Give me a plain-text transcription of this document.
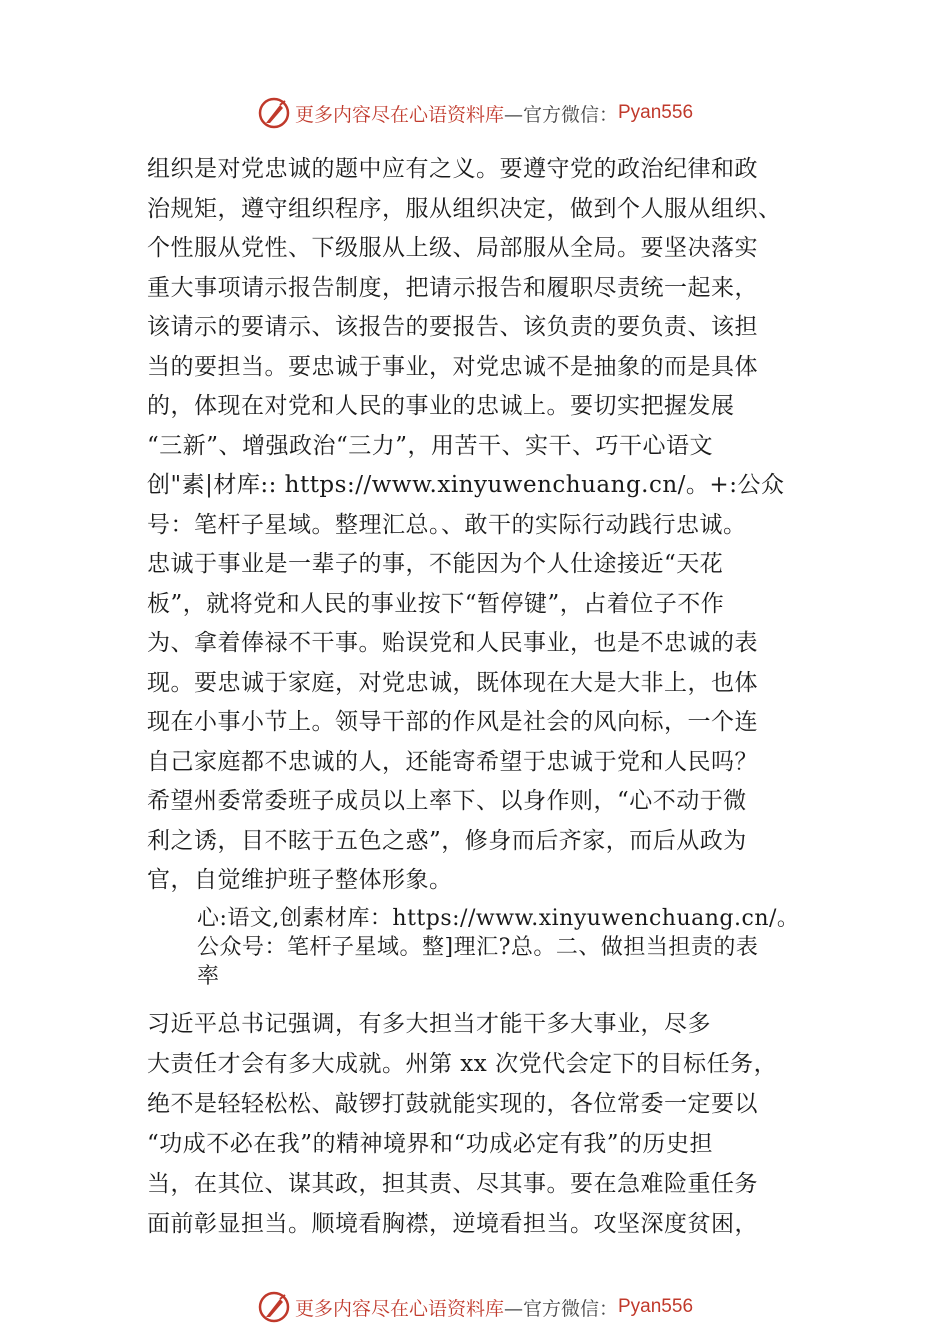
更多内容尽在心语资料库 —官方微信： Pyan556
组织是对党忠诚的题中应有之义。要遵守党的政治纪律和政
治规矩，遵守组织程序，服从组织决定，做到个人服从组织、
个性服从党性、下级服从上级、局部服从全局。要坚决落实
重大事项请示报告制度，把请示报告和履职尽责统一起来，
该请示的要请示、该报告的要报告、该负责的要负责、该担
当的要担当。要忠诚于事业，对党忠诚不是抽象的而是具体
的，体现在对党和人民的事业的忠诚上。要切实把握发展
“三新”、增强政治“三力”，用苦干、实干、巧干心语文
创"素|材库:: https://www.xinyuwenchuang.cn/。+:公众
号：笔杆子星域。整理汇总。、敢干的实际行动践行忠诚。
忠诚于事业是一辈子的事，不能因为个人仕途接近“天花
板”，就将党和人民的事业按下“暂停键”，占着位子不作
为、拿着俸禄不干事。贻误党和人民事业，也是不忠诚的表
现。要忠诚于家庭，对党忠诚，既体现在大是大非上，也体
现在小事小节上。领导干部的作风是社会的风向标，一个连
自己家庭都不忠诚的人，还能寄希望于忠诚于党和人民吗？
希望州委常委班子成员以上率下、以身作则，“心不动于微
利之诱，目不眩于五色之惑”，修身而后齐家，而后从政为
官，自觉维护班子整体形象。
心:语文,创素材库：https://www.xinyuwenchuang.cn/。
公众号：笔杆子星域。整]理汇?总。二、做担当担责的表
率
　　习近平总书记强调，有多大担当才能干多大事业，尽多
大责任才会有多大成就。州第 xx 次党代会定下的目标任务，
绝不是轻轻松松、敲锣打鼓就能实现的，各位常委一定要以
“功成不必在我”的精神境界和“功成必定有我”的历史担
当，在其位、谋其政，担其责、尽其事。要在急难险重任务
面前彰显担当。顺境看胸襟，逆境看担当。攻坚深度贫困，
更多内容尽在心语资料库 —官方微信： Pyan556
